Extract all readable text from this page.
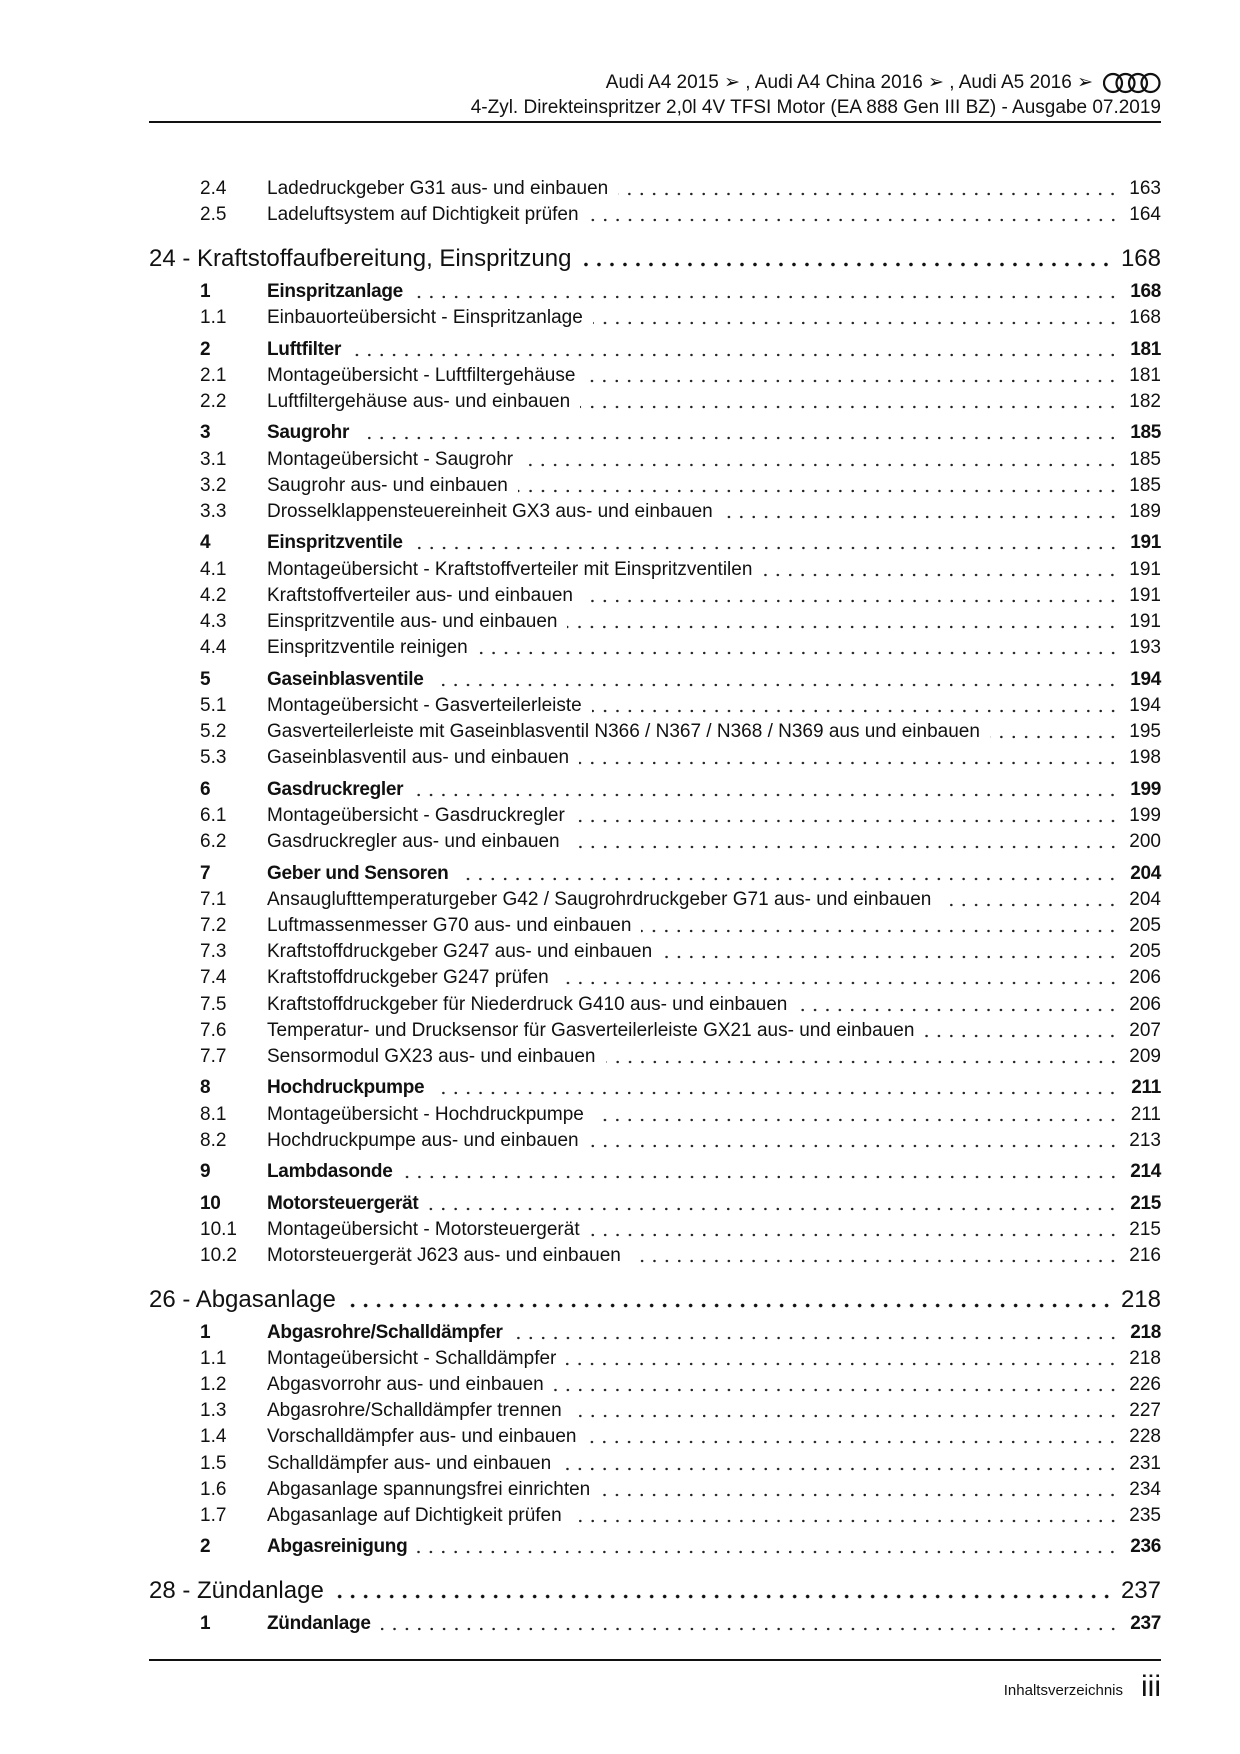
Audi A4 2015 ➢ , Audi A4 China 2016 ➢ , Audi A5 2016 ➢
4-Zyl. Direkteinspritzer 2,0l 4V TFSI Motor (EA 888 Gen III BZ) - Ausgabe 07.2019
2.4	Ladedruckgeber G31 aus- und einbauen	163
2.5	Ladeluftsystem auf Dichtigkeit prüfen	164
24 - Kraftstoffaufbereitung, Einspritzung	168
1	Einspritzanlage	168
1.1	Einbauorteübersicht - Einspritzanlage	168
2	Luftfilter	181
2.1	Montageübersicht - Luftfiltergehäuse	181
2.2	Luftfiltergehäuse aus- und einbauen	182
3	Saugrohr	185
3.1	Montageübersicht - Saugrohr	185
3.2	Saugrohr aus- und einbauen	185
3.3	Drosselklappensteuereinheit GX3 aus- und einbauen	189
4	Einspritzventile	191
4.1	Montageübersicht - Kraftstoffverteiler mit Einspritzventilen	191
4.2	Kraftstoffverteiler aus- und einbauen	191
4.3	Einspritzventile aus- und einbauen	191
4.4	Einspritzventile reinigen	193
5	Gaseinblasventile	194
5.1	Montageübersicht - Gasverteilerleiste	194
5.2	Gasverteilerleiste mit Gaseinblasventil N366 / N367 / N368 / N369 aus und einbauen	195
5.3	Gaseinblasventil aus- und einbauen	198
6	Gasdruckregler	199
6.1	Montageübersicht - Gasdruckregler	199
6.2	Gasdruckregler aus- und einbauen	200
7	Geber und Sensoren	204
7.1	Ansauglufttemperaturgeber G42 / Saugrohrdruckgeber G71 aus- und einbauen	204
7.2	Luftmassenmesser G70 aus- und einbauen	205
7.3	Kraftstoffdruckgeber G247 aus- und einbauen	205
7.4	Kraftstoffdruckgeber G247 prüfen	206
7.5	Kraftstoffdruckgeber für Niederdruck G410 aus- und einbauen	206
7.6	Temperatur- und Drucksensor für Gasverteilerleiste GX21 aus- und einbauen	207
7.7	Sensormodul GX23 aus- und einbauen	209
8	Hochdruckpumpe	211
8.1	Montageübersicht - Hochdruckpumpe	211
8.2	Hochdruckpumpe aus- und einbauen	213
9	Lambdasonde	214
10	Motorsteuergerät	215
10.1	Montageübersicht - Motorsteuergerät	215
10.2	Motorsteuergerät J623 aus- und einbauen	216
26 - Abgasanlage	218
1	Abgasrohre/Schalldämpfer	218
1.1	Montageübersicht - Schalldämpfer	218
1.2	Abgasvorrohr aus- und einbauen	226
1.3	Abgasrohre/Schalldämpfer trennen	227
1.4	Vorschalldämpfer aus- und einbauen	228
1.5	Schalldämpfer aus- und einbauen	231
1.6	Abgasanlage spannungsfrei einrichten	234
1.7	Abgasanlage auf Dichtigkeit prüfen	235
2	Abgasreinigung	236
28 - Zündanlage	237
1	Zündanlage	237
Inhaltsverzeichnis iii
